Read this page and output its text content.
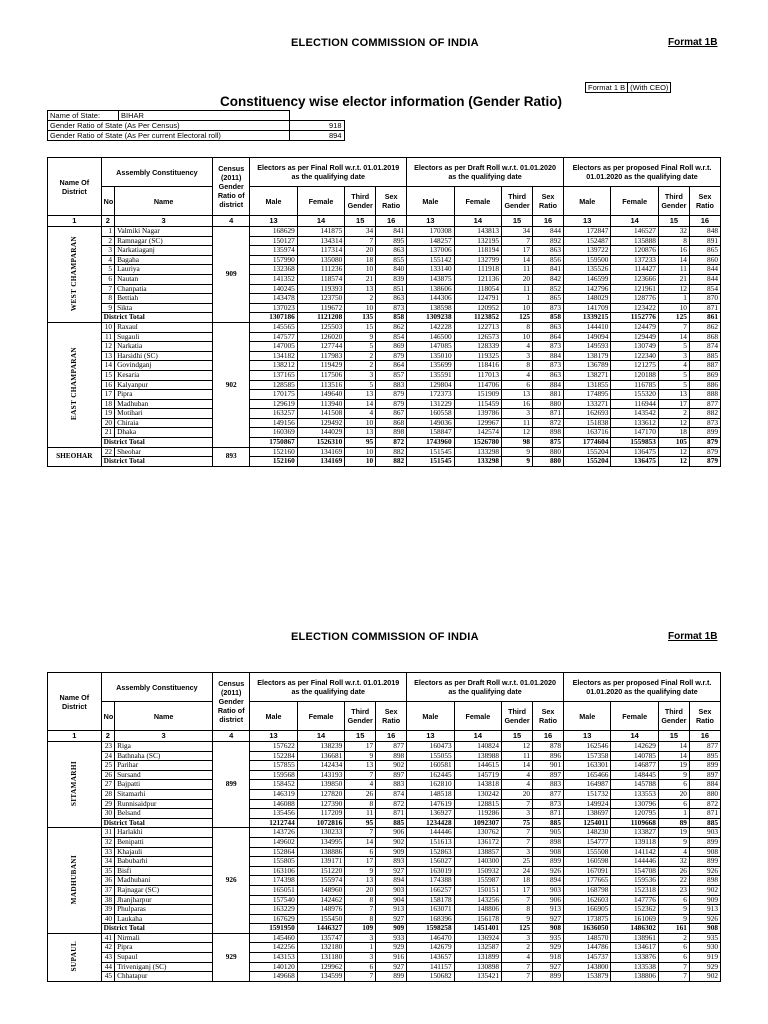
ELECTION COMMISSION OF INDIA	Format 1B
Format 1 B	(With CEO)
Constituency wise elector information (Gender Ratio)
Name of State:	BIHAR	
Gender Ratio of State (As Per Census)		918
Gender Ratio of State (As Per current Electoral roll)		894
Name Of District	Assembly Constituency		Census (2011) Gender Ratio of district	Electors as per Final Roll w.r.t. 01.01.2019 as the qualifying date				Electors as per Draft Roll w.r.t. 01.01.2020 as the qualifying date				Electors as per proposed Final Roll w.r.t. 01.01.2020 as the qualifying date			
	No	Name		Male	Female	Third Gender	Sex Ratio	Male	Female	Third Gender	Sex Ratio	Male	Female	Third Gender	Sex Ratio
1	2	3	4	13	14	15	16	13	14	15	16	13	14	15	16
WEST CHAMPARAN	1	Valmiki Nagar	909	168629	141875	34	841	170308	143813	34	844	172847	146527	32	848
	2	Ramnagar (SC)		150127	134314	7	895	148257	132195	7	892	152487	135888	8	891
	3	Narkatiaganj		135974	117314	20	863	137006	118194	17	863	139722	120876	16	865
	4	Bagaha		157990	135080	18	855	155142	132799	14	856	159500	137233	14	860
	5	Lauriya		132368	111236	10	840	133140	111918	11	841	135526	114427	11	844
	6	Nautan		141352	118574	21	839	143875	121136	20	842	146599	123666	21	844
	7	Chanpatia		140245	119393	13	851	138606	118054	11	852	142796	121961	12	854
	8	Bettiah		143478	123750	2	863	144306	124791	1	865	148029	128776	1	870
	9	Sikta		137023	119672	10	873	138598	120952	10	873	141709	123422	10	871
	District Total			1307186	1121208	135	858	1309238	1123852	125	858	1339215	1152776	125	861
EAST CHAMPARAN	10	Raxaul	902	145565	125503	15	862	142228	122713	8	863	144410	124479	7	862
	11	Sugauli		147577	126020	9	854	146500	126573	10	864	149094	129449	14	868
	12	Narkatia		147005	127744	5	869	147085	128339	4	873	149593	130749	5	874
	13	Harsidhi (SC)		134182	117983	2	879	135010	119325	3	884	138179	122340	3	885
	14	Govindganj		138212	119429	2	864	135699	118416	8	873	136789	121275	4	887
	15	Kesaria		137165	117506	3	857	135591	117013	4	863	138271	120188	5	869
	16	Kalyanpur		128585	113516	5	883	129804	114706	6	884	131855	116785	5	886
	17	Pipra		170175	149640	13	879	172373	151909	13	881	174895	155320	13	888
	18	Madhuban		129619	113940	14	879	131229	115459	16	880	133271	116944	17	877
	19	Motihari		163257	141508	4	867	160558	139786	3	871	162693	143542	2	882
	20	Chiraia		149156	129492	10	868	149036	129967	11	872	151838	133612	12	873
	21	Dhaka		160369	144029	13	898	158847	142574	12	898	163716	147170	18	899
	District Total			1750867	1526310	95	872	1743960	1526780	98	875	1774604	1559853	105	879
SHEOHAR	22	Sheohar	893	152160	134169	10	882	151545	133298	9	880	155204	136475	12	879
	District Total			152160	134169	10	882	151545	133298	9	880	155204	136475	12	879
ELECTION COMMISSION OF INDIA	Format 1B
Name Of District	Assembly Constituency		Census (2011) Gender Ratio of district	Electors as per Final Roll w.r.t. 01.01.2019 as the qualifying date				Electors as per Draft Roll w.r.t. 01.01.2020 as the qualifying date				Electors as per proposed Final Roll w.r.t. 01.01.2020 as the qualifying date			
	No	Name		Male	Female	Third Gender	Sex Ratio	Male	Female	Third Gender	Sex Ratio	Male	Female	Third Gender	Sex Ratio
1	2	3	4	13	14	15	16	13	14	15	16	13	14	15	16
SITAMARHI	23	Riga	899	157622	138239	17	877	160473	140824	12	878	162546	142629	14	877
	24	Bathnaha (SC)		152284	136681	9	898	155055	138988	11	896	157358	140785	14	895
	25	Parihar		157855	142434	13	902	160581	144615	14	901	163301	146877	19	899
	26	Sursand		159568	143193	7	897	162445	145719	4	897	165466	148445	9	897
	27	Bajpatti		158452	139850	4	883	162810	143818	4	883	164987	145788	6	884
	28	Sitamarhi		146319	127820	26	874	148518	130242	20	877	151732	133553	20	880
	29	Runnisaidpur		146088	127390	8	872	147619	128815	7	873	149924	130796	6	872
	30	Belsand		135456	117209	11	871	136927	119286	3	871	138697	120795	1	871
	District Total			1212744	1072816	95	885	1234428	1092307	75	885	1254011	1109668	89	885
MADHUBANI	31	Harlakhi	926	143726	130233	7	906	144446	130762	7	905	148230	133827	19	903
	32	Benipatti		149602	134995	14	902	151613	136172	7	898	154777	139118	9	899
	33	Khajauli		152864	138886	6	909	152863	138857	3	908	155508	141142	4	908
	34	Babubarhi		155805	139171	17	893	156027	140300	25	899	160598	144446	32	899
	35	Bisfi		163106	151220	9	927	163019	150932	24	926	167091	154708	26	926
	36	Madhubani		174398	155974	13	894	174388	155987	18	894	177665	159536	22	898
	37	Rajnagar (SC)		165051	148960	20	903	166257	150151	17	903	168798	152318	23	902
	38	Jhanjharpur		157540	142462	8	904	158178	143256	7	906	162603	147776	6	909
	39	Phulparas		163229	148976	7	913	163071	148806	8	913	166905	152362	9	913
	40	Laukaha		167629	155450	8	927	168396	156178	9	927	173875	161069	9	926
	District Total			1591950	1446327	109	909	1598258	1451401	125	908	1636050	1486302	161	908
SUPAUL	41	Nirmali	929	145460	135747	3	933	146470	136924	3	935	148570	138961	2	935
	42	Pipra		142256	132180	1	929	142679	132587	2	929	144786	134617	6	930
	43	Supaul		143153	131180	3	916	143657	131899	4	918	145737	133876	6	919
	44	Triveniganj (SC)		140120	129962	6	927	141157	130898	7	927	143800	133538	7	929
	45	Chhatapur		149668	134599	7	899	150682	135421	7	899	153879	138806	7	902
